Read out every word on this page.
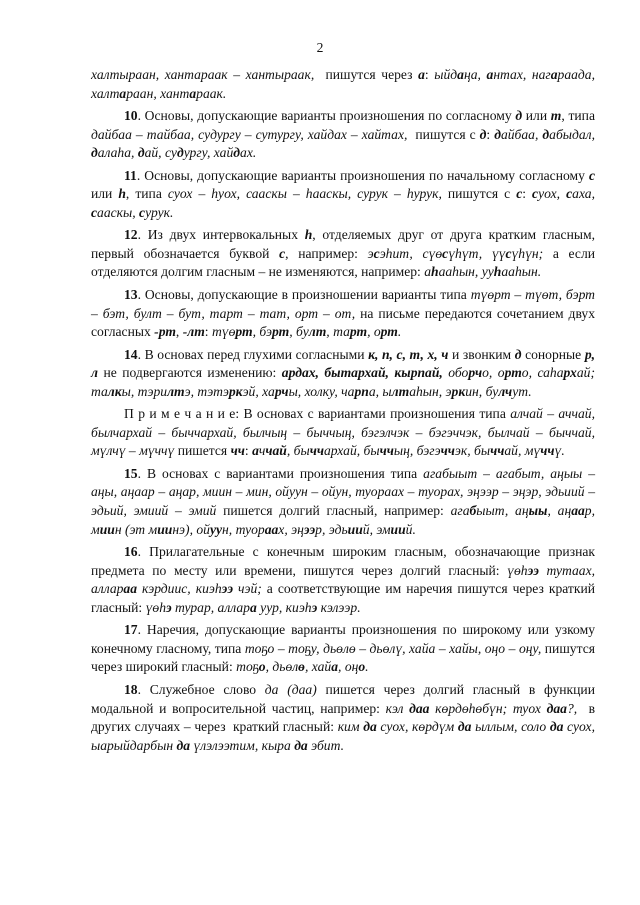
2
халтыраан, хантараак – хантыраак,  пишутся через а: ыйдаңа, антах, нагараада, халтараан, хантараак.
10. Основы, допускающие варианты произношения по согласному д или т, типа дайбаа – тайбаа, судургу – сутургу, хайдах – хайтах,  пишутся с д: дайбаа, дабыдал, далаһа, дай, судургу, хайдах.
11. Основы, допускающие варианты произношения по начальному согласному с или һ, типа суох – һуох, сааскы – һааскы, сурук – һурук, пишутся с с: суох, саха, сааскы, сурук.
12. Из двух интервокальных һ, отделяемых друг от друга кратким гласным, первый обозначается буквой с, например: эсэһит, сүөсүһүт, үүсүһүн; а если отделяются долгим гласным – не изменяются, например: аһааһын, ууһааһын.
13. Основы, допускающие в произношении варианты типа түөрт – түөт, бэрт – бэт, булт – бут, тарт – тат, орт – от, на письме передаются сочетанием двух согласных -рт, -лт: түөрт, бэрт, булт, тарт, орт.
14. В основах перед глухими согласными к, п, с, т, х, ч и звонким д сонорные р, л не подвергаются изменению: ардах, бытархай, кырпай, оборчо, орто, саһархай; талкы, тэрилтэ, тэтэркэй, харчы, холку, чарпа, ылтаһын, эркин, булчут.
П р и м е ч а н и е: В основах с вариантами произношения типа алчай – аччай, былчархай – быччархай, былчың – быччың, бэгэлчэк – бэгэччэк, былчай – быччай, мүлчү – мүччү пишется чч: аччай, быччархай, быччың, бэгэччэк, быччай, мүччү.
15. В основах с вариантами произношения типа агабыыт – агабыт, аңыы – аңы, аңаар – аңар, миин – мин, ойуун – ойун, туораах – туорах, эңээр – эңэр, эдьиий – эдьий, эмиий – эмий пишется долгий гласный, например: агабыыт, аңыы, аңаар, миин (эт миинэ), ойуун, туораах, эңээр, эдьиий, эмиий.
16. Прилагательные с конечным широким гласным, обозначающие признак предмета по месту или времени, пишутся через долгий гласный: үөһээ тутаах, аллараа кэрдиис, киэһээ чэй; а соответствующие им наречия пишутся через краткий гласный: үөһэ турар, аллара уур, киэһэ кэлээр.
17. Наречия, допускающие варианты произношения по широкому или узкому конечному гласному, типа тоҕо – тоҕу, дьөлө – дьөлү, хайа – хайы, оңо – оңу, пишутся через широкий гласный: тоҕо, дьөлө, хайа, оңо.
18. Служебное слово да (даа) пишется через долгий гласный в функции модальной и вопросительной частиц, например: кэл даа көрдөһөбүн; туох даа?,  в других случаях – через  краткий гласный: ким да суох, көрдүм да ыллым, соло да суох, ыарыйдарбын да үлэлээтим, кыра да эбит.
